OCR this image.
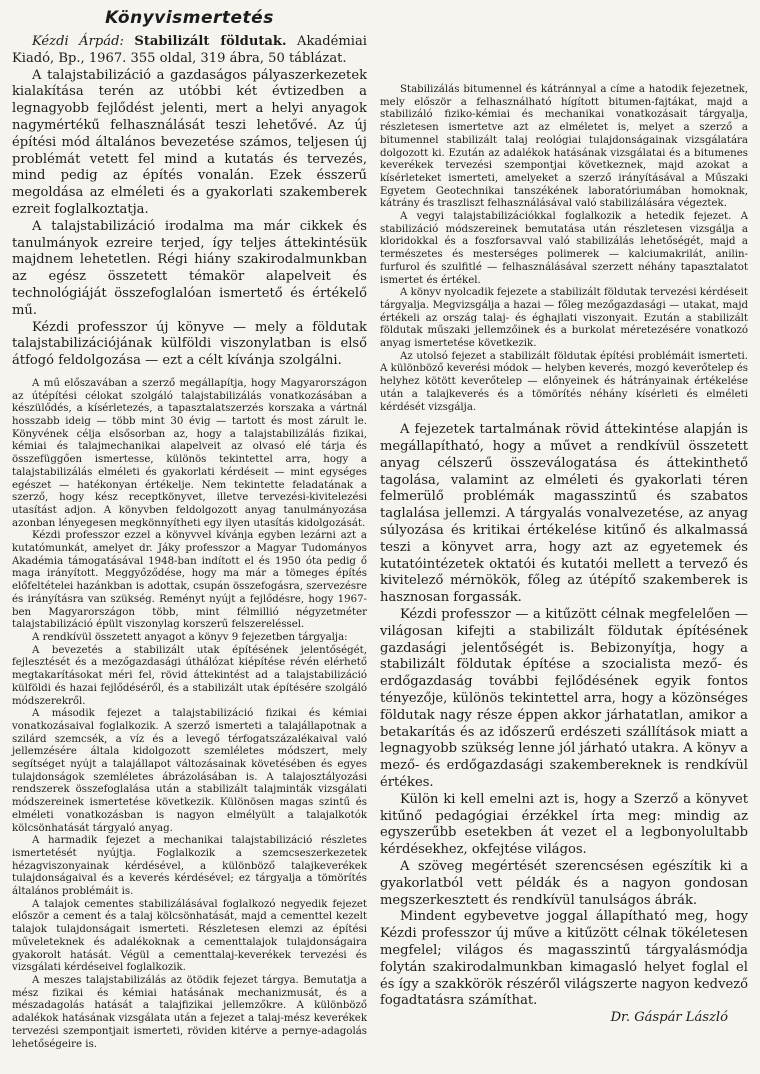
Könyvismertetés

Kézdi Árpád: Stabilizált földutak. Akadémiai Kiadó, Bp., 1967. 355 oldal, 319 ábra, 50 táblázat.

A talajstabilizáció a gazdaságos pályaszerkezetek kialakítása terén az utóbbi két évtizedben a legnagyobb fejlődést jelenti, mert a helyi anyagok nagymértékű felhasználását teszi lehetővé. Az új építési mód általános bevezetése számos, teljesen új problémát vetett fel mind a kutatás és tervezés, mind pedig az építés vonalán. Ezek ésszerű megoldása az elméleti és a gyakorlati szakemberek ezreit foglalkoztatja.

A talajstabilizáció irodalma ma már cikkek és tanulmányok ezreire terjed, így teljes áttekintésük majdnem lehetetlen. Régi hiány szakirodalmunkban az egész összetett témakör alapelveit és technológiáját összefoglalóan ismertető és értékelő mű.

Kézdi professzor új könyve — mely a földutak talajstabilizációjának külföldi viszonylatban is első átfogó feldolgozása — ezt a célt kívánja szolgálni.

A mű előszavában a szerző megállapítja, hogy Magyarországon az útépítési célokat szolgáló talajstabilizálás vonatkozásában a készülődés, a kísérletezés, a tapasztalatszerzés korszaka a vártnál hosszabb ideig — több mint 30 évig — tartott és most zárult le. Könyvének célja elsősorban az, hogy a talajstabilizálás fizikai, kémiai és talajmechanikai alapelveit az olvasó elé tárja és összefüggően ismertesse, különös tekintettel arra, hogy a talajstabilizálás elméleti és gyakorlati kérdéseit — mint egységes egészet — hatékonyan értékelje. Nem tekintette feladatának a szerző, hogy kész receptkönyvet, illetve tervezési-kivitelezési utasítást adjon. A könyvben feldolgozott anyag tanulmányozása azonban lényegesen megkönnyítheti egy ilyen utasítás kidolgozását.

Kézdi professzor ezzel a könyvvel kívánja egyben lezárni azt a kutatómunkát, amelyet dr. Jáky professzor a Magyar Tudományos Akadémia támogatásával 1948-ban indított el és 1950 óta pedig ő maga irányított. Meggyőződése, hogy ma már a tömeges építés előfeltételei hazánkban is adottak, csupán összefogásra, szervezésre és irányításra van szükség. Reményt nyújt a fejlődésre, hogy 1967-ben Magyarországon több, mint félmillió négyzetméter talajstabilizáció épült viszonylag korszerű felszereléssel.

A rendkívül összetett anyagot a könyv 9 fejezetben tárgyalja:

A bevezetés a stabilizált utak építésének jelentőségét, fejlesztését és a mezőgazdasági úthálózat kiépítése révén elérhető megtakarításokat méri fel, rövid áttekintést ad a talajstabilizáció külföldi és hazai fejlődéséről, és a stabilizált utak építésére szolgáló módszerekről.

A második fejezet a talajstabilizáció fizikai és kémiai vonatkozásaival foglalkozik. A szerző ismerteti a talajállapotnak a szilárd szemcsék, a víz és a levegő térfogatszázalékaival való jellemzésére általa kidolgozott szemléletes módszert, mely segítséget nyújt a talajállapot változásainak követésében és egyes tulajdonságok szemléletes ábrázolásában is. A talajosztályozási rendszerek összefoglalása után a stabilizált talajminták vizsgálati módszereinek ismertetése következik. Különösen magas szintű és elméleti vonatkozásban is nagyon elmélyült a talajalkotók kölcsönhatását tárgyaló anyag.

A harmadik fejezet a mechanikai talajstabilizáció részletes ismertetését nyújtja. Foglalkozik a szemcseszerkezetek hézagviszonyainak kérdésével, a különböző talajkeverékek tulajdonságaival és a keverés kérdésével; ez tárgyalja a tömörítés általános problémáit is.

A talajok cementes stabilizálásával foglalkozó negyedik fejezet először a cement és a talaj kölcsönhatását, majd a cementtel kezelt talajok tulajdonságait ismerteti. Részletesen elemzi az építési műveleteknek és adalékoknak a cementtalajok tulajdonságaira gyakorolt hatását. Végül a cementtalaj-keverékek tervezési és vizsgálati kérdéseivel foglalkozik.

A meszes talajstabilizálás az ötödik fejezet tárgya. Bemutatja a mész fizikai és kémiai hatásának mechanizmusát, és a mészadagolás hatását a talajfizikai jellemzőkre. A különböző adalékok hatásának vizsgálata után a fejezet a talaj-mész keverékek tervezési szempontjait ismerteti, röviden kitérve a pernye-adagolás lehetőségeire is.

Stabilizálás bitumennel és kátránnyal a címe a hatodik fejezetnek, mely először a felhasználható hígított bitumen-fajtákat, majd a stabilizáló fiziko-kémiai és mechanikai vonatkozásait tárgyalja, részletesen ismertetve azt az elméletet is, melyet a szerző a bitumennel stabilizált talaj reológiai tulajdonságainak vizsgálatára dolgozott ki. Ezután az adalékok hatásának vizsgálatai és a bitumenes keverékek tervezési szempontjai következnek, majd azokat a kísérleteket ismerteti, amelyeket a szerző irányításával a Műszaki Egyetem Geotechnikai tanszékének laboratóriumában homoknak, kátrány és traszliszt felhasználásával való stabilizálására végeztek.

A vegyi talajstabilizációkkal foglalkozik a hetedik fejezet. A stabilizáció módszereinek bemutatása után részletesen vizsgálja a kloridokkal és a foszforsavval való stabilizálás lehetőségét, majd a természetes és mesterséges polimerek — kalciumakrilát, anilin-furfurol és szulfitlé — felhasználásával szerzett néhány tapasztalatot ismertet és értékel.

A könyv nyolcadik fejezete a stabilizált földutak tervezési kérdéseit tárgyalja. Megvizsgálja a hazai — főleg mezőgazdasági — utakat, majd értékeli az ország talaj- és éghajlati viszonyait. Ezután a stabilizált földutak műszaki jellemzőinek és a burkolat méretezésére vonatkozó anyag ismertetése következik.

Az utolsó fejezet a stabilizált földutak építési problémáit ismerteti. A különböző keverési módok — helyben keverés, mozgó keverőtelep és helyhez kötött keverőtelep — előnyeinek és hátrányainak értékelése után a talajkeverés és a tömörítés néhány kísérleti és elméleti kérdését vizsgálja.

A fejezetek tartalmának rövid áttekintése alapján is megállapítható, hogy a művet a rendkívül összetett anyag célszerű összeválogatása és áttekinthető tagolása, valamint az elméleti és gyakorlati téren felmerülő problémák magasszintű és szabatos taglalása jellemzi. A tárgyalás vonalvezetése, az anyag súlyozása és kritikai értékelése kitűnő és alkalmassá teszi a könyvet arra, hogy azt az egyetemek és kutatóintézetek oktatói és kutatói mellett a tervező és kivitelező mérnökök, főleg az útépítő szakemberek is hasznosan forgassák.

Kézdi professzor — a kitűzött célnak megfelelően — világosan kifejti a stabilizált földutak építésének gazdasági jelentőségét is. Bebizonyítja, hogy a stabilizált földutak építése a szocialista mező- és erdőgazdaság további fejlődésének egyik fontos tényezője, különös tekintettel arra, hogy a közönséges földutak nagy része éppen akkor járhatatlan, amikor a betakarítás és az időszerű erdészeti szállítások miatt a legnagyobb szükség lenne jól járható utakra. A könyv a mező- és erdőgazdasági szakembereknek is rendkívül értékes.

Külön ki kell emelni azt is, hogy a Szerző a könyvet kitűnő pedagógiai érzékkel írta meg: mindig az egyszerűbb esetekben át vezet el a legbonyolultabb kérdésekhez, okfejtése világos.

A szöveg megértését szerencsésen egészítik ki a gyakorlatból vett példák és a nagyon gondosan megszerkesztett és rendkívül tanulságos ábrák.

Mindent egybevetve joggal állapítható meg, hogy Kézdi professzor új műve a kitűzött célnak tökéletesen megfelel; világos és magasszintű tárgyalásmódja folytán szakirodalmunkban kimagasló helyet foglal el és így a szakkörök részéről világszerte nagyon kedvező fogadtatásra számíthat.

Dr. Gáspár László
